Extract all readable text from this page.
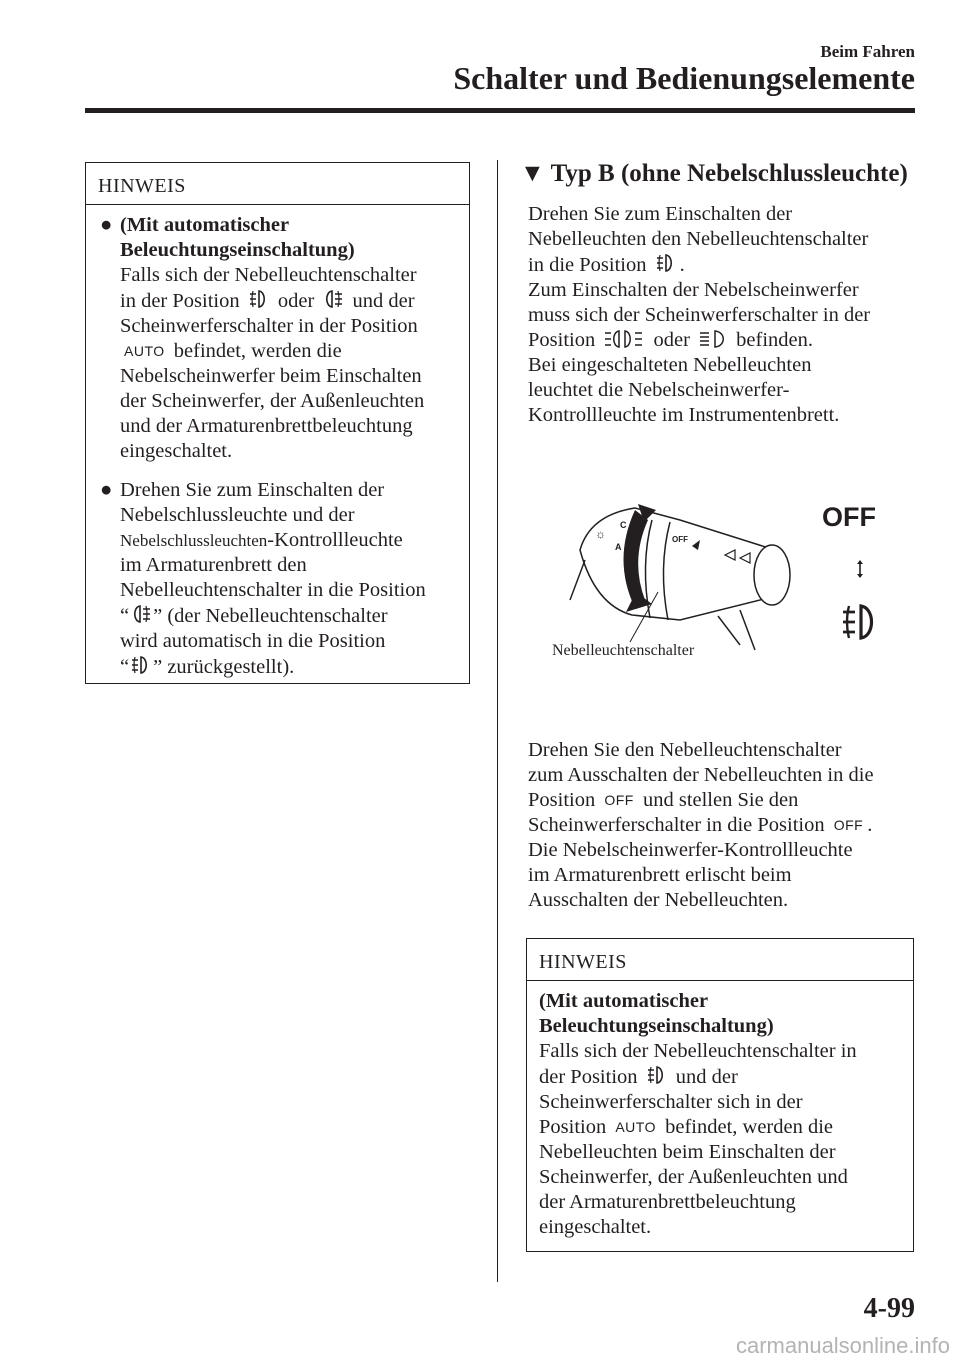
Beim Fahren
Schalter und Bedienungselemente
HINWEIS
● (Mit automatischer
Beleuchtungseinschaltung)
Falls sich der Nebelleuchtenschalter
in der Position oder und der
Scheinwerferschalter in der Position
AUTO befindet, werden die
Nebelscheinwerfer beim Einschalten
der Scheinwerfer, der Außenleuchten
und der Armaturenbrettbeleuchtung
eingeschaltet.
● Drehen Sie zum Einschalten der
Nebelschlussleuchte und der
Nebelschlussleuchten-Kontrollleuchte
im Armaturenbrett den
Nebelleuchtenschalter in die Position
“ ” (der Nebelleuchtenschalter
wird automatisch in die Position
“ ” zurückgestellt).
▼ Typ B (ohne Nebelschlussleuchte)
Drehen Sie zum Einschalten der
Nebelleuchten den Nebelleuchtenschalter
in die Position .
Zum Einschalten der Nebelscheinwerfer
muss sich der Scheinwerferschalter in der
Position	oder befinden.
Bei eingeschalteten Nebelleuchten
leuchtet die Nebelscheinwerfer-
Kontrollleuchte im Instrumentenbrett.
☼
C
A
OFF
Nebelleuchtenschalter
OFF
Drehen Sie den Nebelleuchtenschalter
zum Ausschalten der Nebelleuchten in die
Position OFF und stellen Sie den
Scheinwerferschalter in die Position OFF .
Die Nebelscheinwerfer-Kontrollleuchte
im Armaturenbrett erlischt beim
Ausschalten der Nebelleuchten.
HINWEIS
(Mit automatischer
Beleuchtungseinschaltung)
Falls sich der Nebelleuchtenschalter in
der Position und der
Scheinwerferschalter sich in der
Position AUTO befindet, werden die
Nebelleuchten beim Einschalten der
Scheinwerfer, der Außenleuchten und
der Armaturenbrettbeleuchtung
eingeschaltet.
4-99
carmanualsonline.info
